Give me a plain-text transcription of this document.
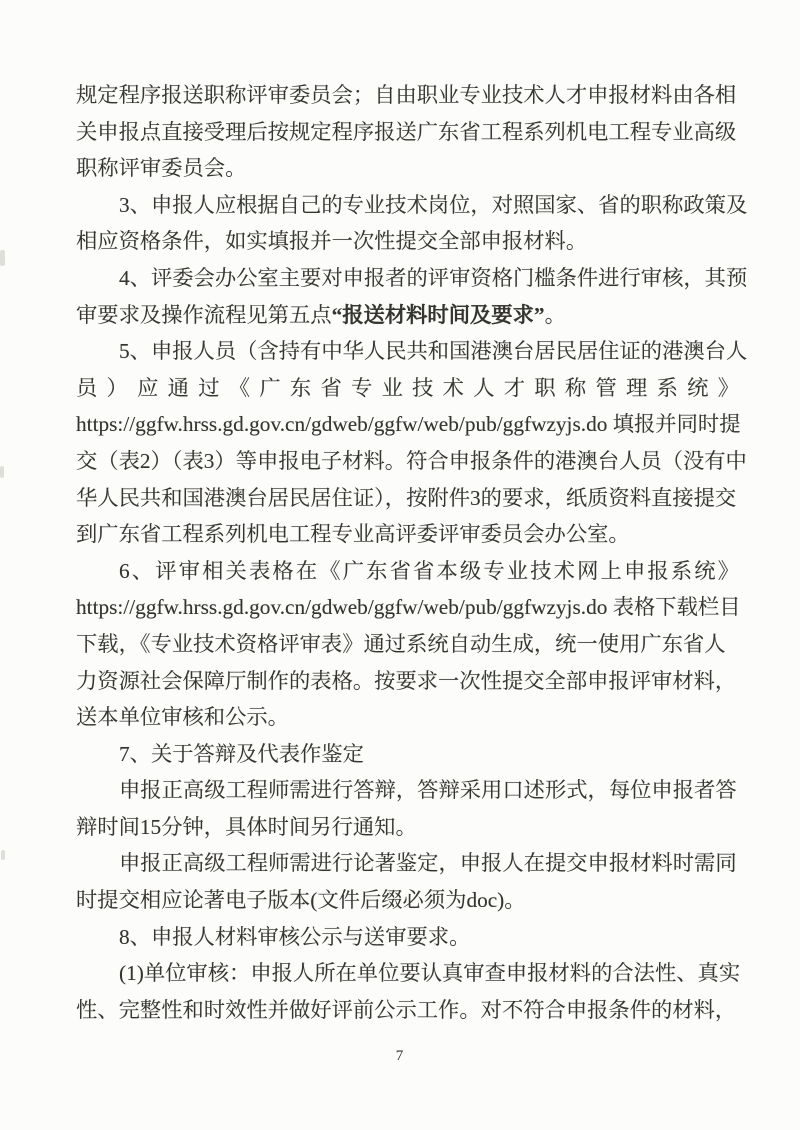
规定程序报送职称评审委员会；自由职业专业技术人才申报材料由各相
关申报点直接受理后按规定程序报送广东省工程系列机电工程专业高级
职称评审委员会。
3、申报人应根据自己的专业技术岗位，对照国家、省的职称政策及
相应资格条件，如实填报并一次性提交全部申报材料。
4、评委会办公室主要对申报者的评审资格门槛条件进行审核，其预
审要求及操作流程见第五点“报送材料时间及要求”。
5、申报人员（含持有中华人民共和国港澳台居民居住证的港澳台人
员）应通过《广东省专业技术人才职称管理系统》
https://ggfw.hrss.gd.gov.cn/gdweb/ggfw/web/pub/ggfwzyjs.do 填报并同时提
交（表2）（表3）等申报电子材料。符合申报条件的港澳台人员（没有中
华人民共和国港澳台居民居住证），按附件3的要求，纸质资料直接提交
到广东省工程系列机电工程专业高评委评审委员会办公室。
6、评审相关表格在《广东省省本级专业技术网上申报系统》
https://ggfw.hrss.gd.gov.cn/gdweb/ggfw/web/pub/ggfwzyjs.do 表格下载栏目
下载，《专业技术资格评审表》通过系统自动生成，统一使用广东省人
力资源社会保障厅制作的表格。按要求一次性提交全部申报评审材料，
送本单位审核和公示。
7、关于答辩及代表作鉴定
申报正高级工程师需进行答辩，答辩采用口述形式，每位申报者答
辩时间15分钟，具体时间另行通知。
申报正高级工程师需进行论著鉴定，申报人在提交申报材料时需同
时提交相应论著电子版本(文件后缀必须为doc)。
8、申报人材料审核公示与送审要求。
(1)单位审核：申报人所在单位要认真审查申报材料的合法性、真实
性、完整性和时效性并做好评前公示工作。对不符合申报条件的材料，
7
